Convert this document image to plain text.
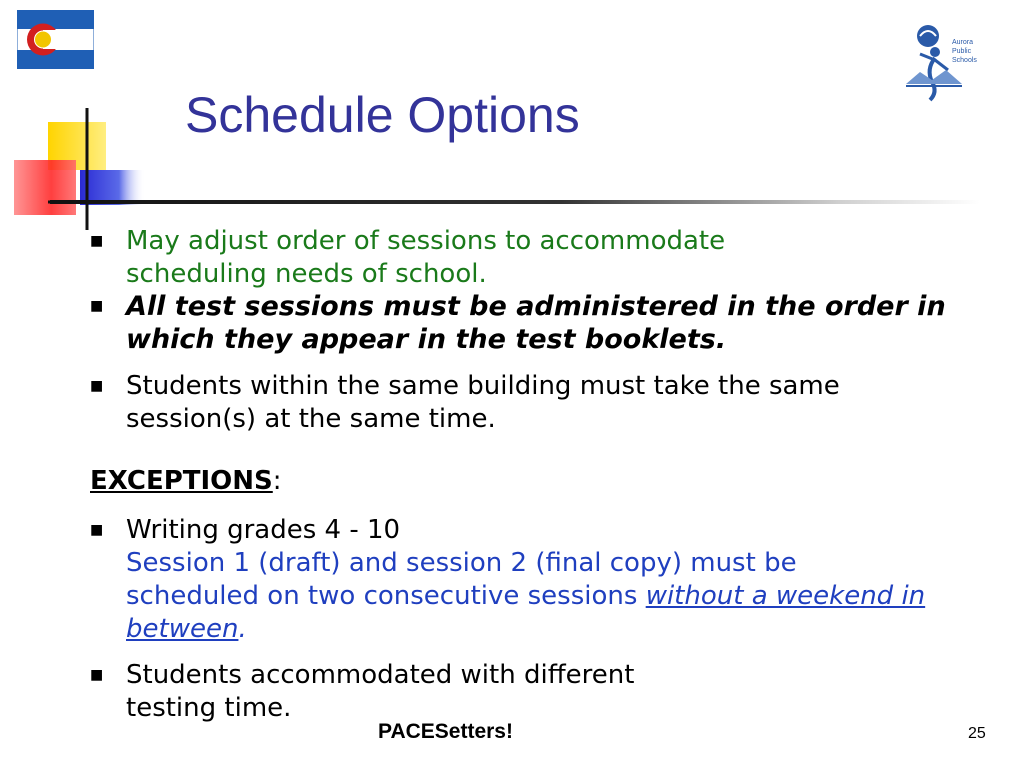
Aurora
Public
Schools
Schedule Options
■ May adjust order of sessions to accommodate scheduling needs of school.
■ All test sessions must be administered in the order in which they appear in the test booklets.
■ Students within the same building must take the same session(s) at the same time.
EXCEPTIONS:
■ Writing grades 4 - 10
Session 1 (draft) and session 2 (final copy) must be scheduled on two consecutive sessions without a weekend in between.
■ Students accommodated with different testing time.
PACESetters!	25
